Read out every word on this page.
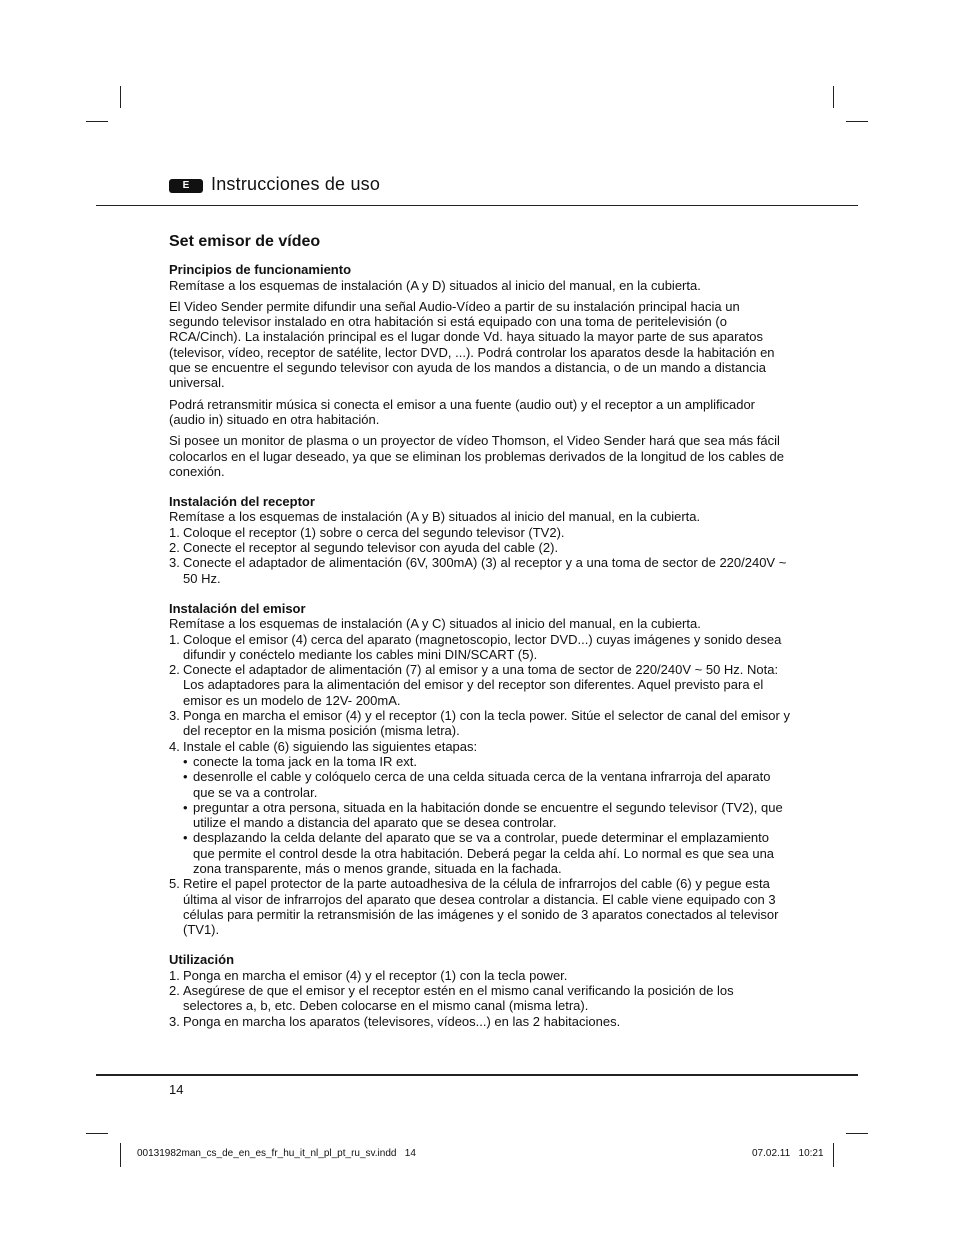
E	Instrucciones de uso
Set emisor de vídeo
Principios de funcionamiento

Remítase a los esquemas de instalación (A y D) situados al inicio del manual, en la cubierta.

El Video Sender permite difundir una señal Audio-Vídeo a partir de su instalación principal hacia un segundo televisor instalado en otra habitación si está equipado con una toma de peritelevisión (o RCA/Cinch). La instalación principal es el lugar donde Vd. haya situado la mayor parte de sus aparatos (televisor, vídeo, receptor de satélite, lector DVD, ...). Podrá controlar los aparatos desde la habitación en que se encuentre el segundo televisor con ayuda de los mandos a distancia, o de un mando a distancia universal.

Podrá retransmitir música si conecta el emisor a una fuente (audio out) y el receptor a un amplificador (audio in) situado en otra habitación.

Si posee un monitor de plasma o un proyector de vídeo Thomson, el Video Sender hará que sea más fácil colocarlos en el lugar deseado, ya que se eliminan los problemas derivados de la longitud de los cables de conexión.

Instalación del receptor
Remítase a los esquemas de instalación (A y B) situados al inicio del manual, en la cubierta.
1. Coloque el receptor (1) sobre o cerca del segundo televisor (TV2).
2. Conecte el receptor al segundo televisor con ayuda del cable (2).
3. Conecte el adaptador de alimentación (6V, 300mA) (3) al receptor y a una toma de sector de 220/240V ~ 50 Hz.
Instalación del emisor
Remítase a los esquemas de instalación (A y C) situados al inicio del manual, en la cubierta.
1. Coloque el emisor (4) cerca del aparato (magnetoscopio, lector DVD...) cuyas imágenes y sonido desea difundir y conéctelo mediante los cables mini DIN/SCART (5).
2. Conecte el adaptador de alimentación (7) al emisor y a una toma de sector de 220/240V ~ 50 Hz. Nota: Los adaptadores para la alimentación del emisor y del receptor son diferentes. Aquel previsto para el emisor es un modelo de 12V- 200mA.
3. Ponga en marcha el emisor (4) y el receptor (1) con la tecla power. Sitúe el selector de canal del emisor y del receptor en la misma posición (misma letra).
4. Instale el cable (6) siguiendo las siguientes etapas:
• conecte la toma jack en la toma IR ext.
• desenrolle el cable y colóquelo cerca de una celda situada cerca de la ventana infrarroja del aparato que se va a controlar.
• preguntar a otra persona, situada en la habitación donde se encuentre el segundo televisor (TV2), que utilize el mando a distancia del aparato que se desea controlar.
• desplazando la celda delante del aparato que se va a controlar, puede determinar el emplazamiento que permite el control desde la otra habitación. Deberá pegar la celda ahí. Lo normal es que sea una zona transparente, más o menos grande, situada en la fachada.
5. Retire el papel protector de la parte autoadhesiva de la célula de infrarrojos del cable (6) y pegue esta última al visor de infrarrojos del aparato que desea controlar a distancia. El cable viene equipado con 3 células para permitir la retransmisión de las imágenes y el sonido de 3 aparatos conectados al televisor (TV1).
Utilización
1. Ponga en marcha el emisor (4) y el receptor (1) con la tecla power.
2. Asegúrese de que el emisor y el receptor estén en el mismo canal verificando la posición de los selectores a, b, etc. Deben colocarse en el mismo canal (misma letra).
3. Ponga en marcha los aparatos (televisores, vídeos...) en las 2 habitaciones.
14
00131982man_cs_de_en_es_fr_hu_it_nl_pl_pt_ru_sv.indd   14	07.02.11   10:21
